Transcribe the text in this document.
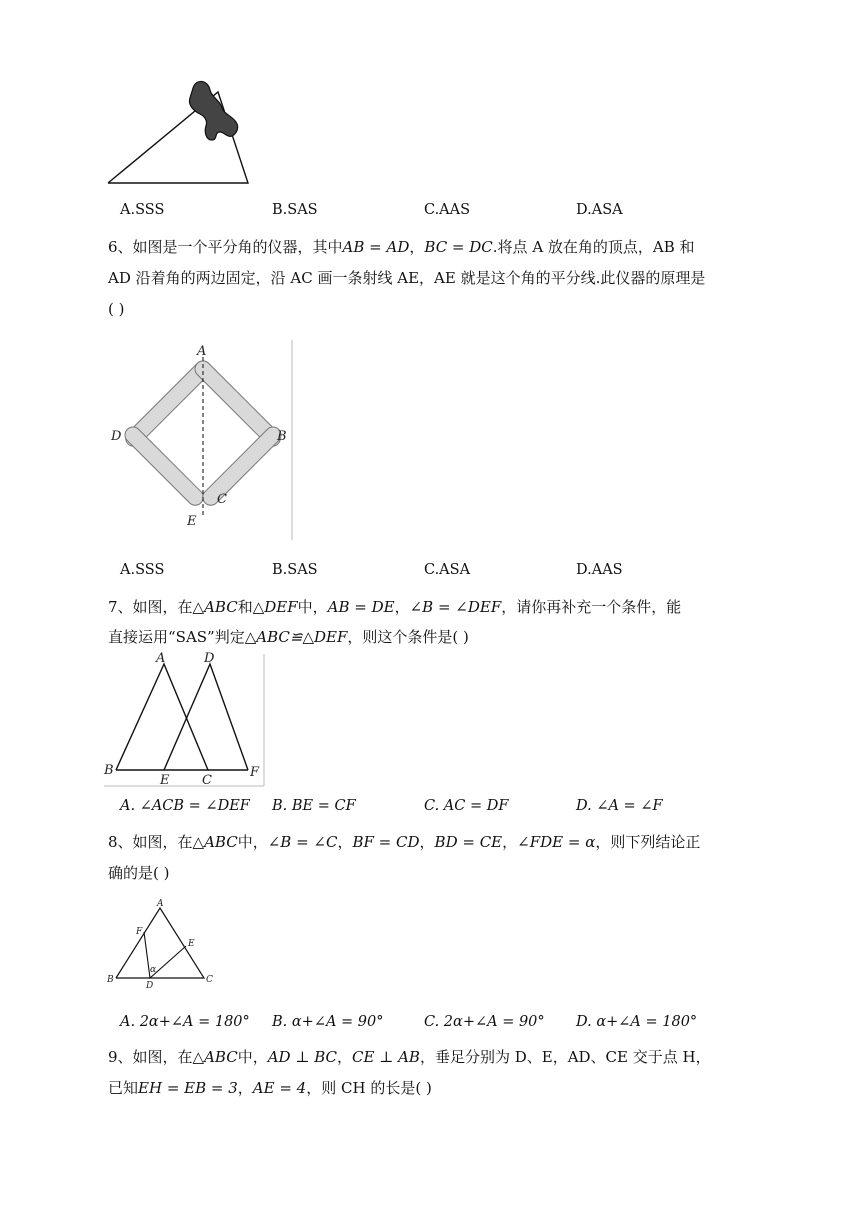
A.SSS	B.SAS	C.AAS	D.ASA
6、如图是一个平分角的仪器，其中AB = AD，BC = DC.将点 A 放在角的顶点，AB 和
AD 沿着角的两边固定，沿 AC 画一条射线 AE，AE 就是这个角的平分线.此仪器的原理是
( )
A
D	B
C
E
A.SSS	B.SAS	C.ASA	D.AAS
7、如图，在△ABC和△DEF中，AB = DE，∠B = ∠DEF，请你再补充一个条件，能
直接运用“SAS”判定△ABC≌△DEF，则这个条件是( )
A	D
B
E	C
F
A. ∠ACB = ∠DEF B. BE = CF	C. AC = DF	D. ∠A = ∠F
8、如图，在△ABC中，∠B = ∠C，BF = CD，BD = CE，∠FDE = α，则下列结论正
确的是( )
A
F
E
α
B
D
C
A. 2α+∠A = 180° B. α+∠A = 90°	C. 2α+∠A = 90° D. α+∠A = 180°
9、如图，在△ABC中，AD ⊥ BC，CE ⊥ AB，垂足分别为 D、E，AD、CE 交于点 H，
已知EH = EB = 3，AE = 4，则 CH 的长是( )
